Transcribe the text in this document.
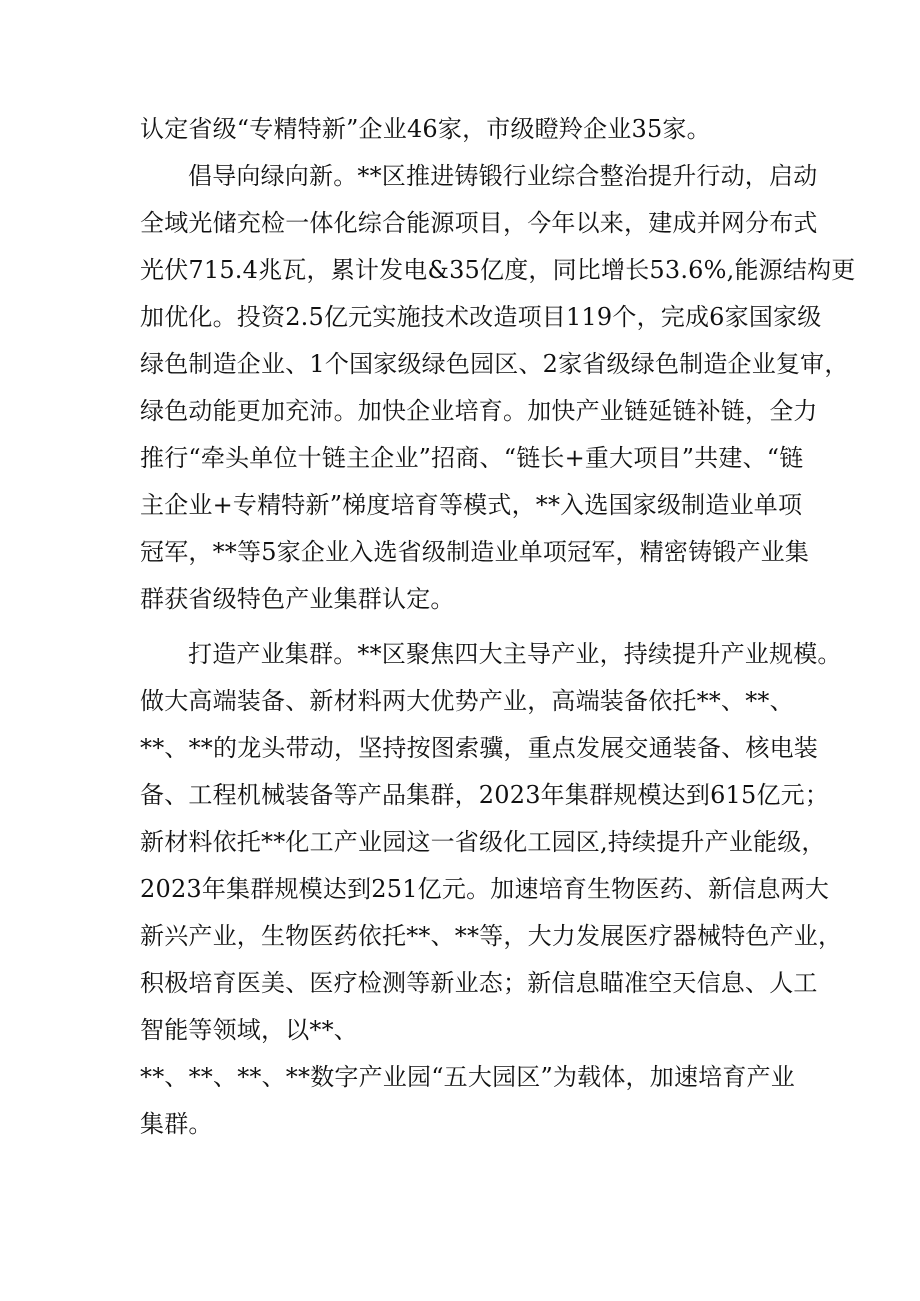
认定省级“专精特新”企业46家，市级瞪羚企业35家。
倡导向绿向新。**区推进铸锻行业综合整治提升行动，启动
全域光储充检一体化综合能源项目，今年以来，建成并网分布式
光伏715.4兆瓦，累计发电&35亿度，同比增长53.6%,能源结构更
加优化。投资2.5亿元实施技术改造项目119个，完成6家国家级
绿色制造企业、1个国家级绿色园区、2家省级绿色制造企业复审，
绿色动能更加充沛。加快企业培育。加快产业链延链补链，全力
推行“牵头单位十链主企业”招商、“链长+重大项目”共建、“链
主企业+专精特新”梯度培育等模式，**入选国家级制造业单项
冠军，**等5家企业入选省级制造业单项冠军，精密铸锻产业集
群获省级特色产业集群认定。
打造产业集群。**区聚焦四大主导产业，持续提升产业规模。
做大高端装备、新材料两大优势产业，高端装备依托**、**、
**、**的龙头带动，坚持按图索骥，重点发展交通装备、核电装
备、工程机械装备等产品集群，2023年集群规模达到615亿元；
新材料依托**化工产业园这一省级化工园区,持续提升产业能级，
2023年集群规模达到251亿元。加速培育生物医药、新信息两大
新兴产业，生物医药依托**、**等，大力发展医疗器械特色产业，
积极培育医美、医疗检测等新业态；新信息瞄准空天信息、人工
智能等领域，以**、
**、**、**、**数字产业园“五大园区”为载体，加速培育产业
集群。
